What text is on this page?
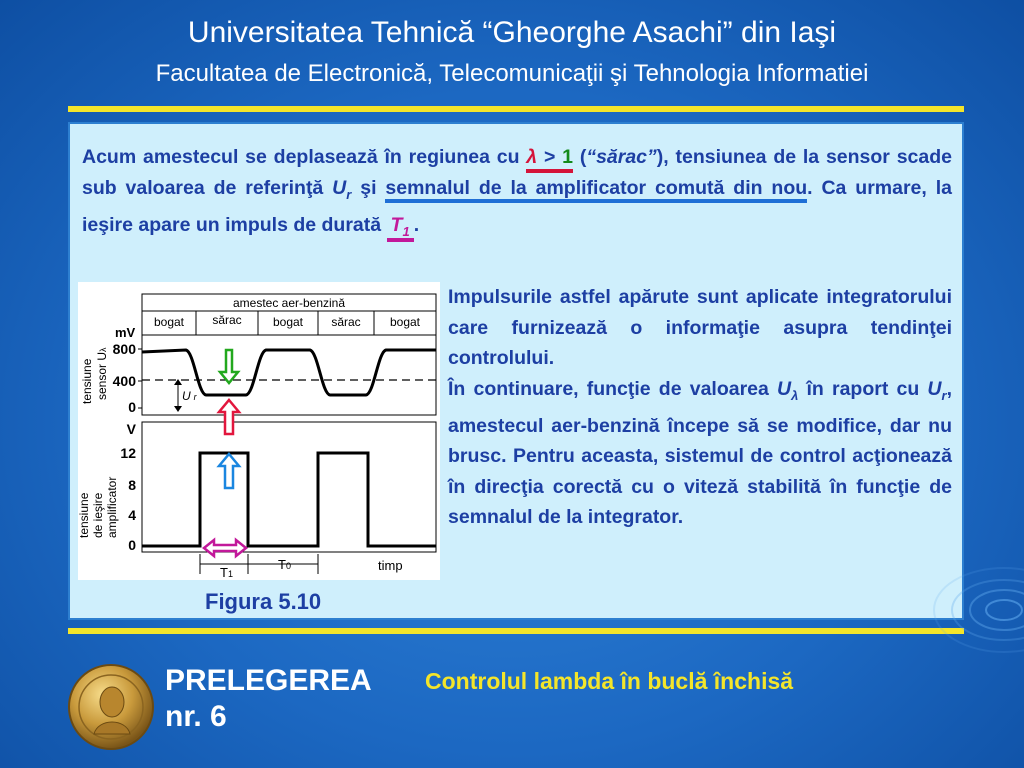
Universitatea Tehnică “Gheorghe Asachi” din Iaşi
Facultatea de Electronică, Telecomunicaţii şi Tehnologia Informatiei
Acum amestecul se deplasează în regiunea cu λ > 1 (“sărac”), tensiunea de la sensor scade sub valoarea de referinţă $U_r$ şi semnalul de la amplificator comută din nou. Ca urmare, la ieşire apare un impuls de durată $T_1$ .
amestec aer-benzină
bogat sărac	bogat sărac bogat
mV
800
400
0
U r
tensiune sensor Uλ
V
12
8
4
0
tensiune de ieşire amplificator
T1
T0	timp
Figura 5.10
Impulsurile astfel apărute sunt aplicate integratorului care furnizează o informaţie asupra tendinţei controlului.
În continuare, funcţie de valoarea $U_\lambda$ în raport cu $U_r$, amestecul aer-benzină începe să se modifice, dar nu brusc. Pentru aceasta, sistemul de control acţionează în direcţia corectă cu o viteză stabilită în funcţie de semnalul de la integrator.
PRELEGEREA
nr. 6
Controlul lambda în buclă închisă
